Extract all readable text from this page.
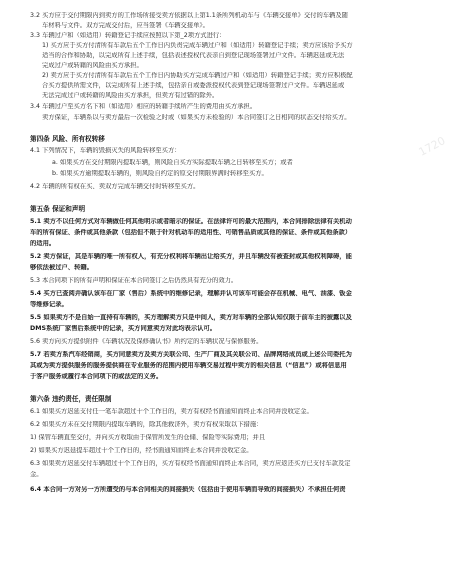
1720
3.2 买方应于交付期限内到卖方的工作场所接受卖方依据以上第1.1条所列机动车与《车辆交接单》交付的车辆及随
车材料与文件。双方完成交付后，应当签署《车辆交接单》。
3.3 车辆过户和（如适用）转籍登记手续应按照以下第_2项方式进行：
1) 买方应于买方付清所有车款后五个工作日内负责完成车辆过户和（如适用）转籍登记手续；卖方应该给予买方
适当的合作和协助，以完成所有上述手续，包括表述授权代表亲自到登记现场签署过户文件。车辆迟延或无法
完成过户或转籍的风险由买方承担。
2) 卖方应于买方付清所有车款后五个工作日内协助买方完成车辆过户和（如适用）转籍登记手续；卖方应积极配
合买方提供所需文件，以完成所有上述手续，包括亲自或委派授权代表到登记现场签署过户文件。车辆迟延或
无法完成过户或转籍的风险由买方承担，但卖方有过错的除外。
3.4 车辆过户至买方名下和（如适用）相应的转籍手续所产生的费用由买方承担。
卖方保证，车辆系以与卖方最后一次检验之时或（如果买方未检验的）本合同签订之日相同的状态交付给买方。
第四条 风险、所有权转移
4.1 下列情况下，车辆的毁损灭失的风险转移至买方：
a. 如果买方在交付期限内提取车辆，则风险自买方实际提取车辆之日转移至买方；或者
b. 如果买方逾期提取车辆的，则风险自约定的原交付期限界满时转移至买方。
4.2 车辆的所有权在买、卖双方完成车辆交付时转移至买方。
第五条 保证和声明
5.1 卖方不以任何方式对车辆做任何其他明示或者暗示的保证。在法律许可的最大范围内，本合同排除法律有关机动
车的所有保证、条件或其他条款（包括但不限于针对机动车的适用性、可销售品质或其他的保证、条件或其他条款）
的适用。
5.2 卖方保证，其是车辆的唯一所有权人，有充分权利将车辆出让给买方，并且车辆没有被查封或其他权利障碍，能
够依法被过户、转籍。
5.3 本合同项下的所有声明和保证在本合同签订之后仍然具有充分的效力。
5.4 买方已查阅并确认该车在厂家（售后）系统中的维修记录，理解并认可该车可能会存在机械、电气、油漆、钣金
等维修记录。
5.5 如果卖方不是自始一直持有车辆的，买方理解卖方只是中间人，卖方对车辆的全部认知仅限于前车主的披露以及
DMS系统厂家售后系统中的记录，买方同意卖方对此均表示认可。
5.6 卖方向买方提供附件《车辆状况及保修确认书》所约定的车辆状况与保修服务。
5.7 若卖方系汽车经销商，买方同意卖方及卖方关联公司、生产厂商及其关联公司、品牌网络成员或上述公司委托为
其或为卖方提供服务的服务提供商在专业服务的范围内使用车辆交易过程中卖方的相关信息（“信息”）或将信息用
于客户服务或履行本合同项下的或法定的义务。
第六条 违约责任，责任限制
6.1 如果买方迟延支付任一笔车款超过十个工作日的，卖方有权经书面通知而终止本合同并没收定金。
6.2 如果买方未在交付期限内提取车辆的，除其他救济外，卖方有权采取以下措施：
1) 保管车辆直至交付，并向买方收取由于保管所发生的仓储、保险等实际费用；并且
2) 如果买方迟延提车超过十个工作日的，经书面通知而终止本合同并没收定金。
6.3 如果卖方迟延交付车辆超过十个工作日的，买方有权经书面通知而终止本合同，卖方应返还买方已支付车款及定
金。
6.4 本合同一方对另一方所遭受的与本合同相关的间接损失（包括由于使用车辆而导致的间接损失）不承担任何责
